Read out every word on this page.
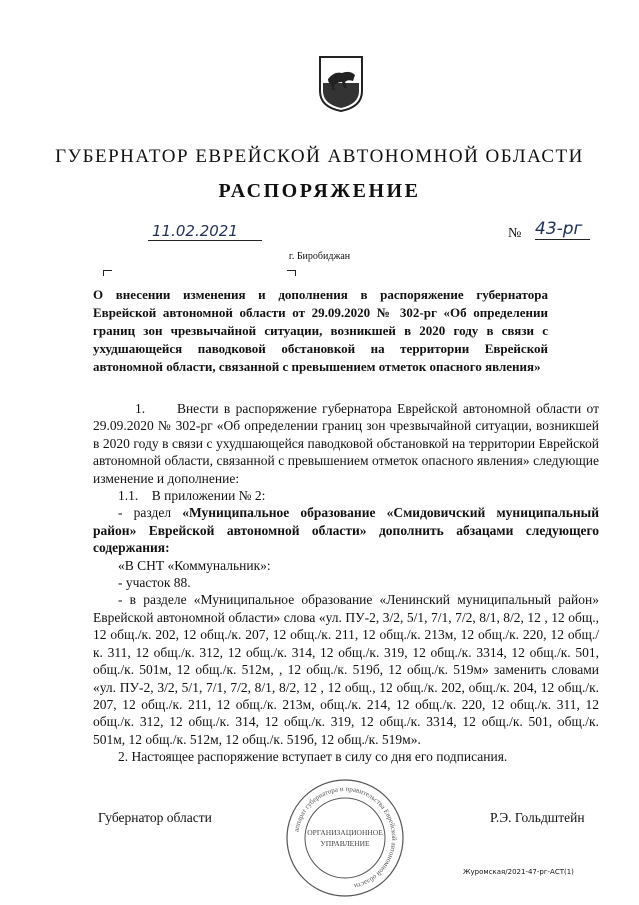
ГУБЕРНАТОР ЕВРЕЙСКОЙ АВТОНОМНОЙ ОБЛАСТИ
РАСПОРЯЖЕНИЕ
11.02.2021	№ 43-рг
г. Биробиджан
О внесении изменения и дополнения в распоряжение губернатора Еврейской автономной области от 29.09.2020 № 302-рг «Об определении границ зон чрезвычайной ситуации, возникшей в 2020 году в связи с ухудшающейся паводковой обстановкой на территории Еврейской автономной области, связанной с превышением отметок опасного явления»

1.      Внести в распоряжение губернатора Еврейской автономной области от 29.09.2020 № 302-рг «Об определении границ зон чрезвычайной ситуации, возникшей в 2020 году в связи с ухудшающейся паводковой обстановкой на территории Еврейской автономной области, связанной с превышением отметок опасного явления» следующие изменение и дополнение:

1.1.    В приложении № 2:

- раздел «Муниципальное образование «Смидовичский муниципальный район» Еврейской автономной области» дополнить абзацами следующего содержания:

«В СНТ «Коммунальник»:

- участок 88.

- в разделе «Муниципальное образование «Ленинский муниципальный район» Еврейской автономной области» слова «ул. ПУ-2, 3/2, 5/1, 7/1, 7/2, 8/1, 8/2, 12 , 12 общ., 12 общ./к. 202, 12 общ./к. 207, 12 общ./к. 211, 12 общ./к. 213м, 12 общ./к. 220, 12 общ./к. 311, 12 общ./к. 312, 12 общ./к. 314, 12 общ./к. 319, 12 общ./к. 3314, 12 общ./к. 501, общ./к. 501м, 12 общ./к. 512м, , 12 общ./к. 519б, 12 общ./к. 519м» заменить словами «ул. ПУ-2, 3/2, 5/1, 7/1, 7/2, 8/1, 8/2, 12 , 12 общ., 12 общ./к. 202, общ./к. 204, 12 общ./к. 207, 12 общ./к. 211, 12 общ./к. 213м, общ./к. 214, 12 общ./к. 220, 12 общ./к. 311, 12 общ./к. 312, 12 общ./к. 314, 12 общ./к. 319, 12 общ./к. 3314, 12 общ./к. 501, общ./к. 501м, 12 общ./к. 512м, 12 общ./к. 519б, 12 общ./к. 519м».

2. Настоящее распоряжение вступает в силу со дня его подписания.

Губернатор области	Р.Э. Гольдштейн
аппарат губернатора и правительства Еврейской автономной области
ОРГАНИЗАЦИОННОЕ
УПРАВЛЕНИЕ
Журомская/2021-47-рг-АСТ(1)
